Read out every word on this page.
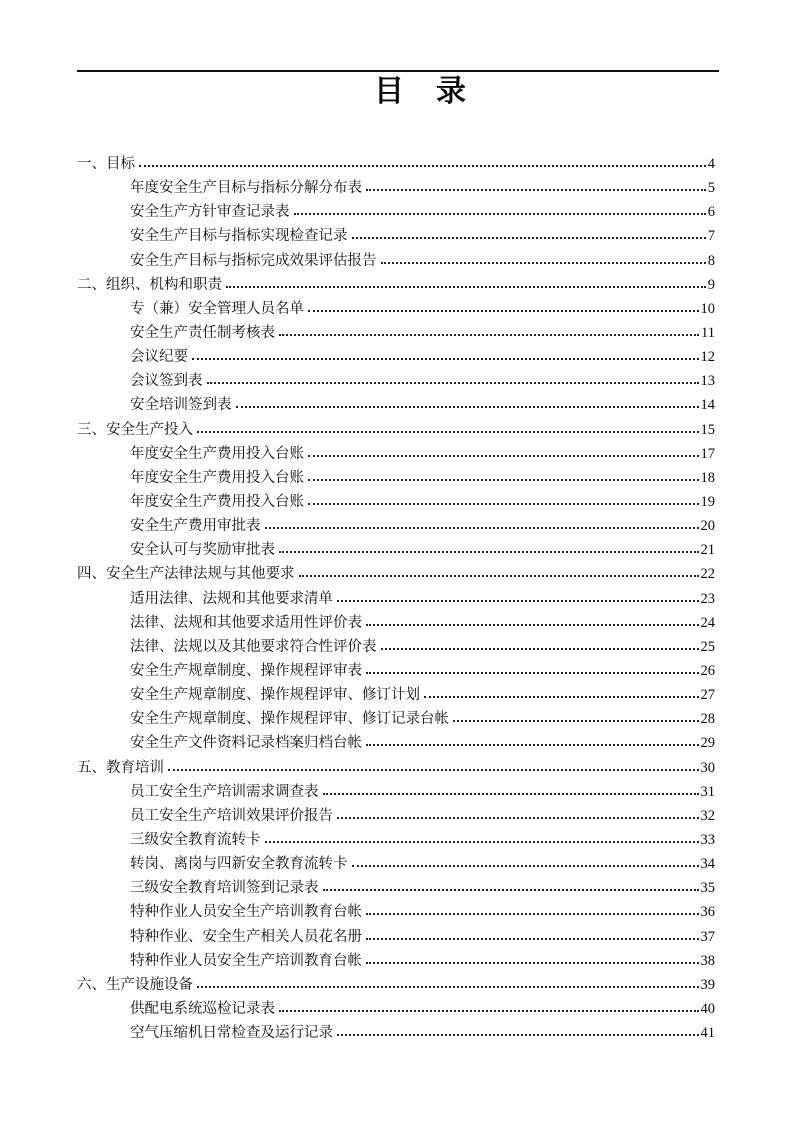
目　录
一、目标	4
年度安全生产目标与指标分解分布表	5
安全生产方针审查记录表	6
安全生产目标与指标实现检查记录	7
安全生产目标与指标完成效果评估报告	8
二、组织、机构和职责	9
专（兼）安全管理人员名单	10
安全生产责任制考核表	11
会议纪要	12
会议签到表	13
安全培训签到表	14
三、安全生产投入	15
年度安全生产费用投入台账	17
年度安全生产费用投入台账	18
年度安全生产费用投入台账	19
安全生产费用审批表	20
安全认可与奖励审批表	21
四、安全生产法律法规与其他要求	22
适用法律、法规和其他要求清单	23
法律、法规和其他要求适用性评价表	24
法律、法规以及其他要求符合性评价表	25
安全生产规章制度、操作规程评审表	26
安全生产规章制度、操作规程评审、修订计划	27
安全生产规章制度、操作规程评审、修订记录台帐	28
安全生产文件资料记录档案归档台帐	29
五、教育培训	30
员工安全生产培训需求调查表	31
员工安全生产培训效果评价报告	32
三级安全教育流转卡	33
转岗、离岗与四新安全教育流转卡	34
三级安全教育培训签到记录表	35
特种作业人员安全生产培训教育台帐	36
特种作业、安全生产相关人员花名册	37
特种作业人员安全生产培训教育台帐	38
六、生产设施设备	39
供配电系统巡检记录表	40
空气压缩机日常检查及运行记录	41
